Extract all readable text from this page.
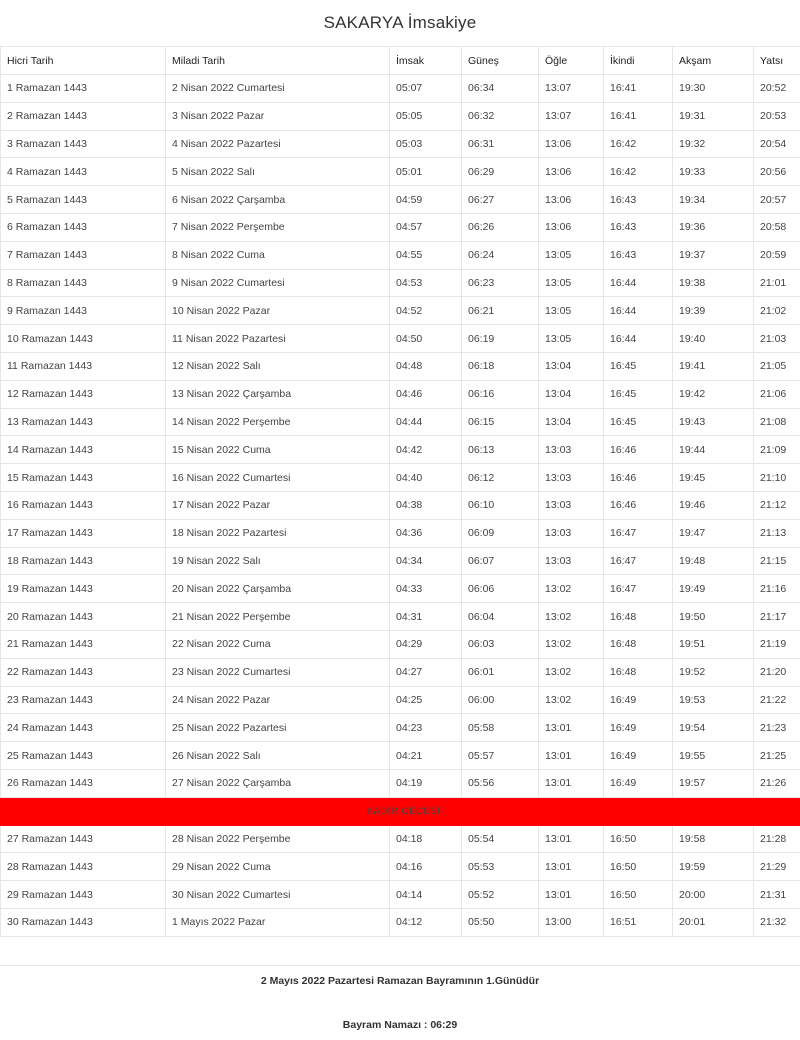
SAKARYA İmsakiye
Hicri Tarih	Miladi Tarih	İmsak	Güneş	Öğle	İkindi	Akşam	Yatsı
1 Ramazan 1443	2 Nisan 2022 Cumartesi	05:07	06:34	13:07	16:41	19:30	20:52
2 Ramazan 1443	3 Nisan 2022 Pazar	05:05	06:32	13:07	16:41	19:31	20:53
3 Ramazan 1443	4 Nisan 2022 Pazartesi	05:03	06:31	13:06	16:42	19:32	20:54
4 Ramazan 1443	5 Nisan 2022 Salı	05:01	06:29	13:06	16:42	19:33	20:56
5 Ramazan 1443	6 Nisan 2022 Çarşamba	04:59	06:27	13:06	16:43	19:34	20:57
6 Ramazan 1443	7 Nisan 2022 Perşembe	04:57	06:26	13:06	16:43	19:36	20:58
7 Ramazan 1443	8 Nisan 2022 Cuma	04:55	06:24	13:05	16:43	19:37	20:59
8 Ramazan 1443	9 Nisan 2022 Cumartesi	04:53	06:23	13:05	16:44	19:38	21:01
9 Ramazan 1443	10 Nisan 2022 Pazar	04:52	06:21	13:05	16:44	19:39	21:02
10 Ramazan 1443	11 Nisan 2022 Pazartesi	04:50	06:19	13:05	16:44	19:40	21:03
11 Ramazan 1443	12 Nisan 2022 Salı	04:48	06:18	13:04	16:45	19:41	21:05
12 Ramazan 1443	13 Nisan 2022 Çarşamba	04:46	06:16	13:04	16:45	19:42	21:06
13 Ramazan 1443	14 Nisan 2022 Perşembe	04:44	06:15	13:04	16:45	19:43	21:08
14 Ramazan 1443	15 Nisan 2022 Cuma	04:42	06:13	13:03	16:46	19:44	21:09
15 Ramazan 1443	16 Nisan 2022 Cumartesi	04:40	06:12	13:03	16:46	19:45	21:10
16 Ramazan 1443	17 Nisan 2022 Pazar	04:38	06:10	13:03	16:46	19:46	21:12
17 Ramazan 1443	18 Nisan 2022 Pazartesi	04:36	06:09	13:03	16:47	19:47	21:13
18 Ramazan 1443	19 Nisan 2022 Salı	04:34	06:07	13:03	16:47	19:48	21:15
19 Ramazan 1443	20 Nisan 2022 Çarşamba	04:33	06:06	13:02	16:47	19:49	21:16
20 Ramazan 1443	21 Nisan 2022 Perşembe	04:31	06:04	13:02	16:48	19:50	21:17
21 Ramazan 1443	22 Nisan 2022 Cuma	04:29	06:03	13:02	16:48	19:51	21:19
22 Ramazan 1443	23 Nisan 2022 Cumartesi	04:27	06:01	13:02	16:48	19:52	21:20
23 Ramazan 1443	24 Nisan 2022 Pazar	04:25	06:00	13:02	16:49	19:53	21:22
24 Ramazan 1443	25 Nisan 2022 Pazartesi	04:23	05:58	13:01	16:49	19:54	21:23
25 Ramazan 1443	26 Nisan 2022 Salı	04:21	05:57	13:01	16:49	19:55	21:25
26 Ramazan 1443	27 Nisan 2022 Çarşamba	04:19	05:56	13:01	16:49	19:57	21:26
KADİR GECESİ							
27 Ramazan 1443	28 Nisan 2022 Perşembe	04:18	05:54	13:01	16:50	19:58	21:28
28 Ramazan 1443	29 Nisan 2022 Cuma	04:16	05:53	13:01	16:50	19:59	21:29
29 Ramazan 1443	30 Nisan 2022 Cumartesi	04:14	05:52	13:01	16:50	20:00	21:31
30 Ramazan 1443	1 Mayıs 2022 Pazar	04:12	05:50	13:00	16:51	20:01	21:32
2 Mayıs 2022 Pazartesi Ramazan Bayramının 1.Günüdür
Bayram Namazı : 06:29
